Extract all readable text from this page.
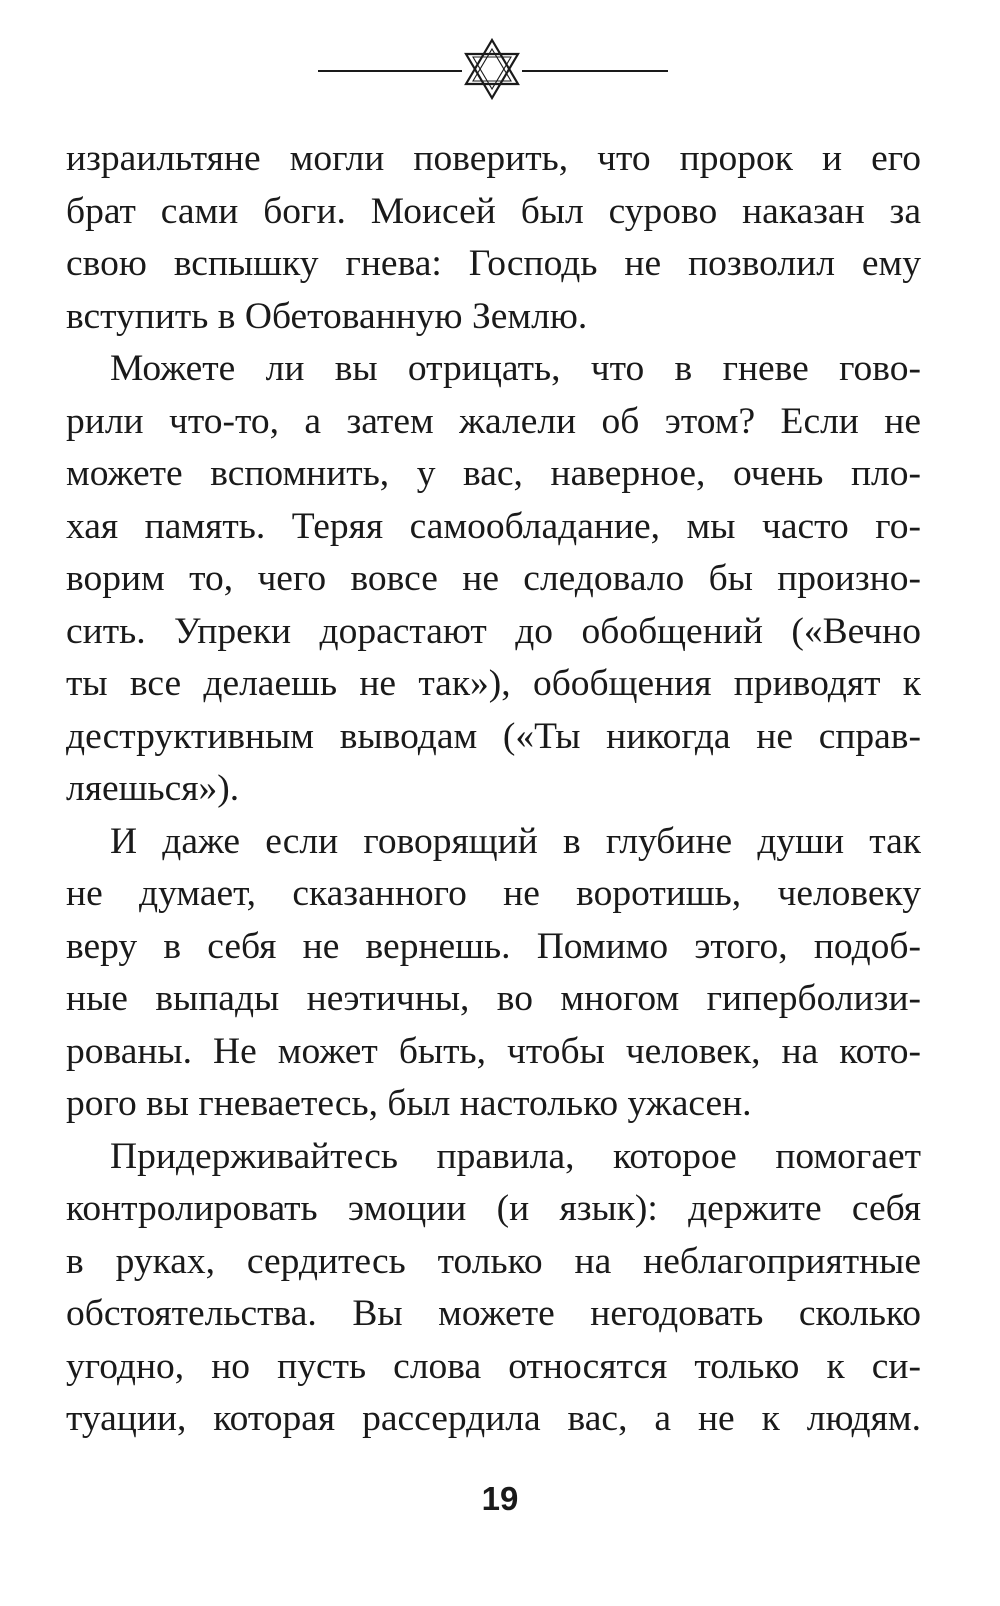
израильтяне могли поверить, что пророк и его
брат сами боги. Моисей был сурово наказан за
свою вспышку гнева: Господь не позволил ему
вступить в Обетованную Землю.
Можете ли вы отрицать, что в гневе гово-
рили что-то, а затем жалели об этом? Если не
можете вспомнить, у вас, наверное, очень пло-
хая память. Теряя самообладание, мы часто го-
ворим то, чего вовсе не следовало бы произно-
сить. Упреки дорастают до обобщений («Вечно
ты все делаешь не так»), обобщения приводят к
деструктивным выводам («Ты никогда не справ-
ляешься»).
И даже если говорящий в глубине души так
не думает, сказанного не воротишь, человеку
веру в себя не вернешь. Помимо этого, подоб-
ные выпады неэтичны, во многом гиперболизи-
рованы. Не может быть, чтобы человек, на кото-
рого вы гневаетесь, был настолько ужасен.
Придерживайтесь правила, которое помогает
контролировать эмоции (и язык): держите себя
в руках, сердитесь только на неблагоприятные
обстоятельства. Вы можете негодовать сколько
угодно, но пусть слова относятся только к си-
туации, которая рассердила вас, а не к людям.
19
